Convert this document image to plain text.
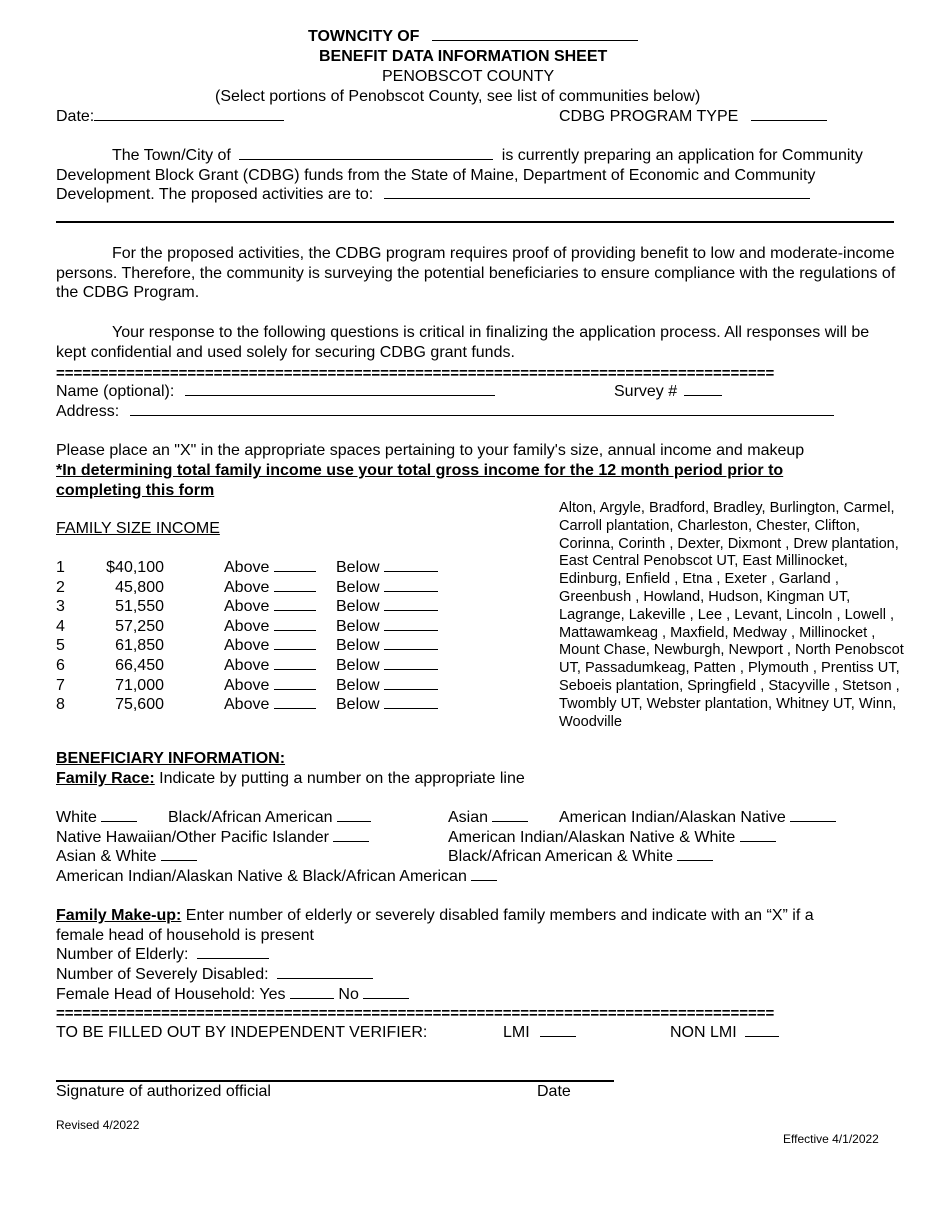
TOWNCITY OF
BENEFIT DATA INFORMATION SHEET
PENOBSCOT COUNTY
(Select portions of Penobscot County, see list of communities below)
Date:	CDBG PROGRAM TYPE
The Town/City of	is currently preparing an application for Community
Development Block Grant (CDBG) funds from the State of Maine, Department of Economic and Community
Development. The proposed activities are to:
For the proposed activities, the CDBG program requires proof of providing benefit to low and moderate-income persons. Therefore, the community is surveying the potential beneficiaries to ensure compliance with the regulations of the CDBG Program.
Your response to the following questions is critical in finalizing the application process. All responses will be kept confidential and used solely for securing CDBG grant funds.
==================================================================================
Name (optional):	Survey #
Address:
Please place an "X" in the appropriate spaces pertaining to your family's size, annual income and makeup
*In determining total family income use your total gross income for the 12 month period prior to completing this form
FAMILY SIZE INCOME
1	$40,100	Above	Below
2	45,800	Above	Below
3	51,550	Above	Below
4	57,250	Above	Below
5	61,850	Above	Below
6	66,450	Above	Below
7	71,000	Above	Below
8	75,600	Above	Below
Alton, Argyle, Bradford, Bradley, Burlington, Carmel, Carroll plantation, Charleston, Chester, Clifton, Corinna, Corinth , Dexter, Dixmont , Drew plantation, East Central Penobscot UT, East Millinocket, Edinburg, Enfield , Etna , Exeter , Garland , Greenbush , Howland, Hudson, Kingman UT, Lagrange, Lakeville , Lee , Levant, Lincoln , Lowell , Mattawamkeag , Maxfield, Medway , Millinocket , Mount Chase, Newburgh, Newport , North Penobscot UT, Passadumkeag, Patten , Plymouth , Prentiss UT, Seboeis plantation, Springfield , Stacyville , Stetson , Twombly UT, Webster plantation, Whitney UT, Winn, Woodville
BENEFICIARY INFORMATION:
Family Race: Indicate by putting a number on the appropriate line
White	Black/African American	Asian	American Indian/Alaskan Native
Native Hawaiian/Other Pacific Islander	American Indian/Alaskan Native & White
Asian & White	Black/African American & White
American Indian/Alaskan Native & Black/African American
Family Make-up: Enter number of elderly or severely disabled family members and indicate with an “X” if a
female head of household is present
Number of Elderly:
Number of Severely Disabled:
Female Head of Household: Yes	No
==================================================================================
TO BE FILLED OUT BY INDEPENDENT VERIFIER:	LMI	NON LMI
Signature of authorized official	Date
Revised 4/2022
Effective 4/1/2022
